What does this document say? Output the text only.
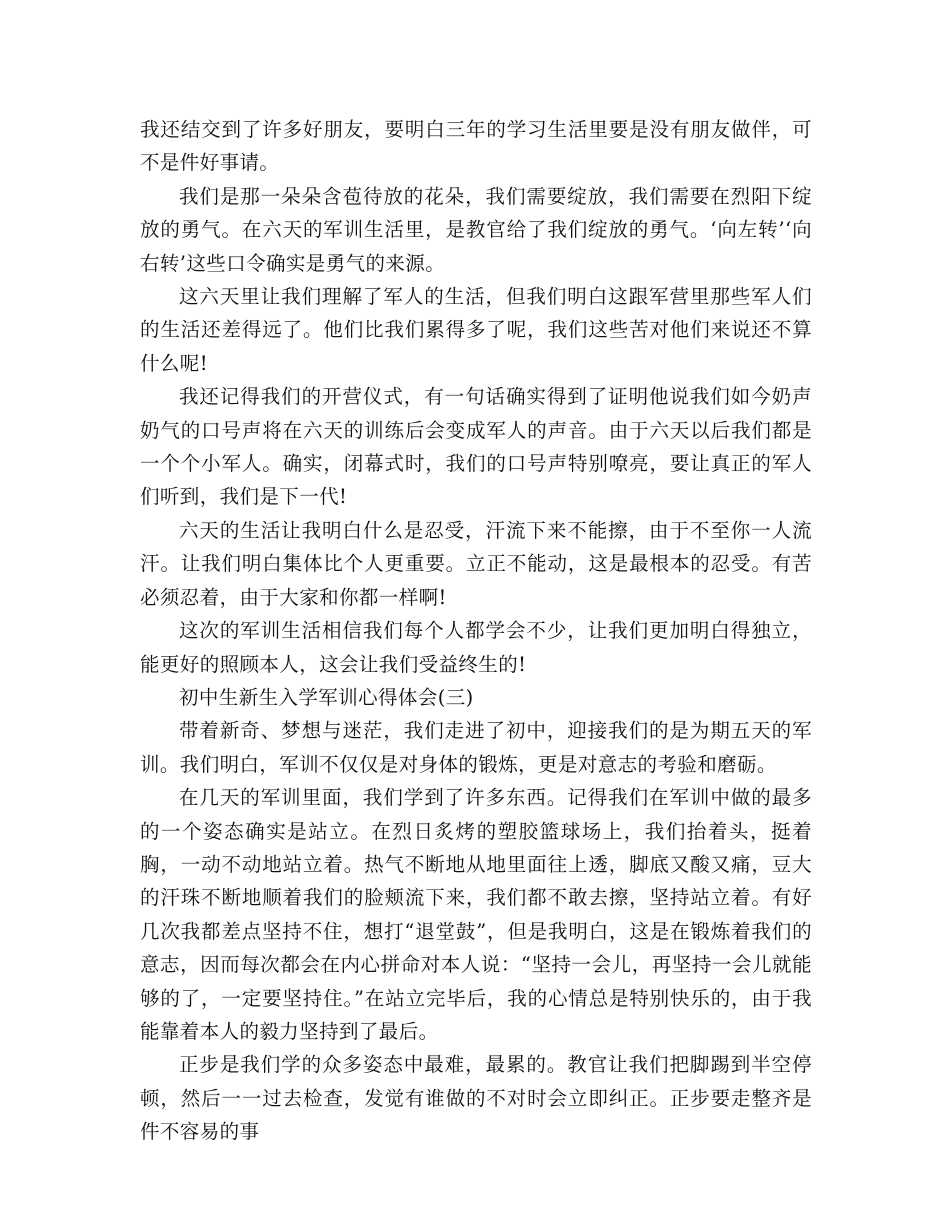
我还结交到了许多好朋友，要明白三年的学习生活里要是没有朋友做伴，可不是件好事请。

我们是那一朵朵含苞待放的花朵，我们需要绽放，我们需要在烈阳下绽放的勇气。在六天的军训生活里，是教官给了我们绽放的勇气。‘向左转’‘向右转’这些口令确实是勇气的来源。

这六天里让我们理解了军人的生活，但我们明白这跟军营里那些军人们的生活还差得远了。他们比我们累得多了呢，我们这些苦对他们来说还不算什么呢!

我还记得我们的开营仪式，有一句话确实得到了证明他说我们如今奶声奶气的口号声将在六天的训练后会变成军人的声音。由于六天以后我们都是一个个小军人。确实，闭幕式时，我们的口号声特别嘹亮，要让真正的军人们听到，我们是下一代!

六天的生活让我明白什么是忍受，汗流下来不能擦，由于不至你一人流汗。让我们明白集体比个人更重要。立正不能动，这是最根本的忍受。有苦必须忍着，由于大家和你都一样啊!

这次的军训生活相信我们每个人都学会不少，让我们更加明白得独立，能更好的照顾本人，这会让我们受益终生的!

初中生新生入学军训心得体会(三)

带着新奇、梦想与迷茫，我们走进了初中，迎接我们的是为期五天的军训。我们明白，军训不仅仅是对身体的锻炼，更是对意志的考验和磨砺。

在几天的军训里面，我们学到了许多东西。记得我们在军训中做的最多的一个姿态确实是站立。在烈日炙烤的塑胶篮球场上，我们抬着头，挺着胸，一动不动地站立着。热气不断地从地里面往上透，脚底又酸又痛，豆大的汗珠不断地顺着我们的脸颊流下来，我们都不敢去擦，坚持站立着。有好几次我都差点坚持不住，想打“退堂鼓”，但是我明白，这是在锻炼着我们的意志，因而每次都会在内心拼命对本人说：“坚持一会儿，再坚持一会儿就能够的了，一定要坚持住。”在站立完毕后，我的心情总是特别快乐的，由于我能靠着本人的毅力坚持到了最后。

正步是我们学的众多姿态中最难，最累的。教官让我们把脚踢到半空停顿，然后一一过去检查，发觉有谁做的不对时会立即纠正。正步要走整齐是件不容易的事
